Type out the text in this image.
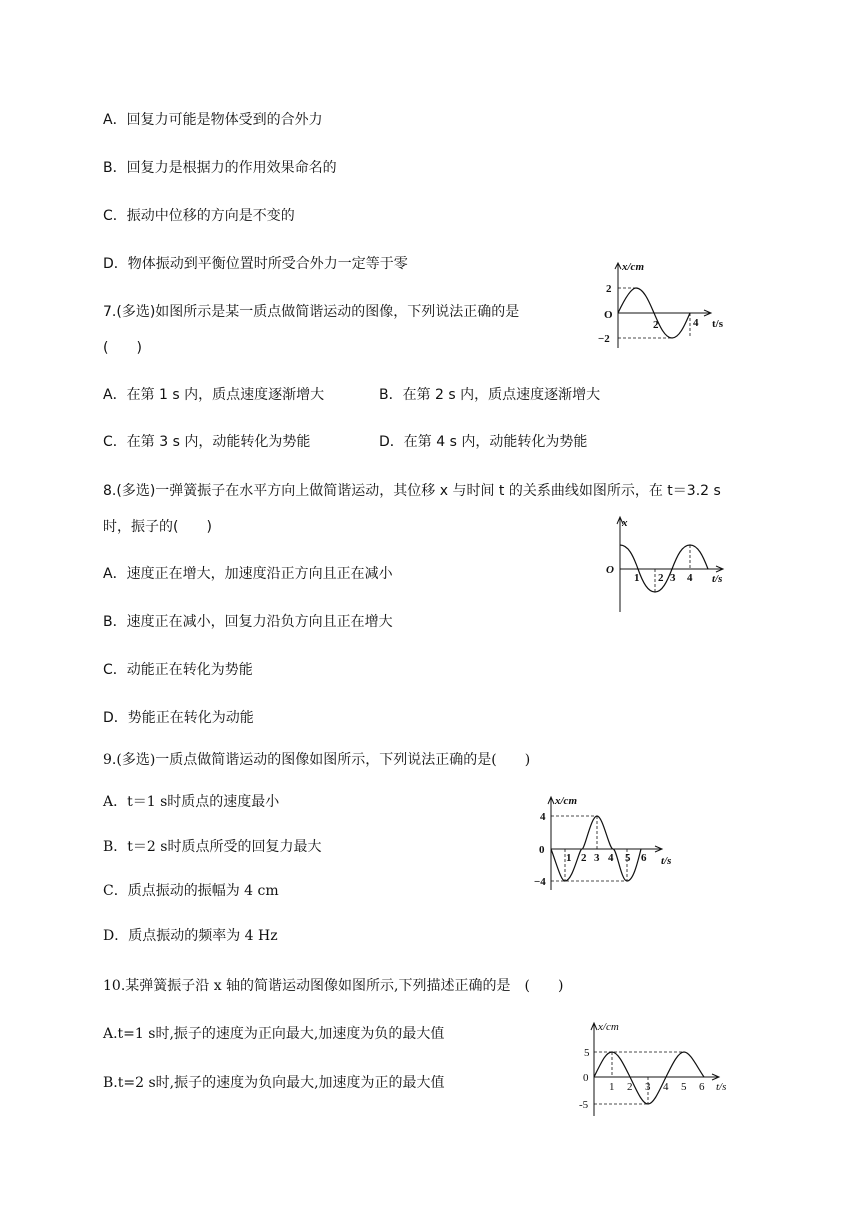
A．回复力可能是物体受到的合外力
B．回复力是根据力的作用效果命名的
C．振动中位移的方向是不变的
D．物体振动到平衡位置时所受合外力一定等于零
7.(多选)如图所示是某一质点做简谐运动的图像，下列说法正确的是
(　　)
A．在第 1 s 内，质点速度逐渐增大	B．在第 2 s 内，质点速度逐渐增大
C．在第 3 s 内，动能转化为势能	D．在第 4 s 内，动能转化为势能
x/cm
t/s
O
2
−2
2	4
8.(多选)一弹簧振子在水平方向上做简谐运动，其位移 x 与时间 t 的关系曲线如图所示，在 t＝3.2 s
时，振子的(　　)
A．速度正在增大，加速度沿正方向且正在减小
B．速度正在减小，回复力沿负方向且正在增大
C．动能正在转化为势能
D．势能正在转化为动能
x
t/s
O
1 2 3 4
9.(多选)一质点做简谐运动的图像如图所示，下列说法正确的是(　　)
A．t＝1 s时质点的速度最小
B．t＝2 s时质点所受的回复力最大
C．质点振动的振幅为 4 cm
D．质点振动的频率为 4 Hz
x/cm
t/s
0
4
−4
1 2 3 4 5 6
10.某弹簧振子沿 x 轴的简谐运动图像如图所示,下列描述正确的是　(　　)
A.t=1 s时,振子的速度为正向最大,加速度为负的最大值
B.t=2 s时,振子的速度为负向最大,加速度为正的最大值
x/cm
t/s
0
5
-5
1 2 3 4 5 6
